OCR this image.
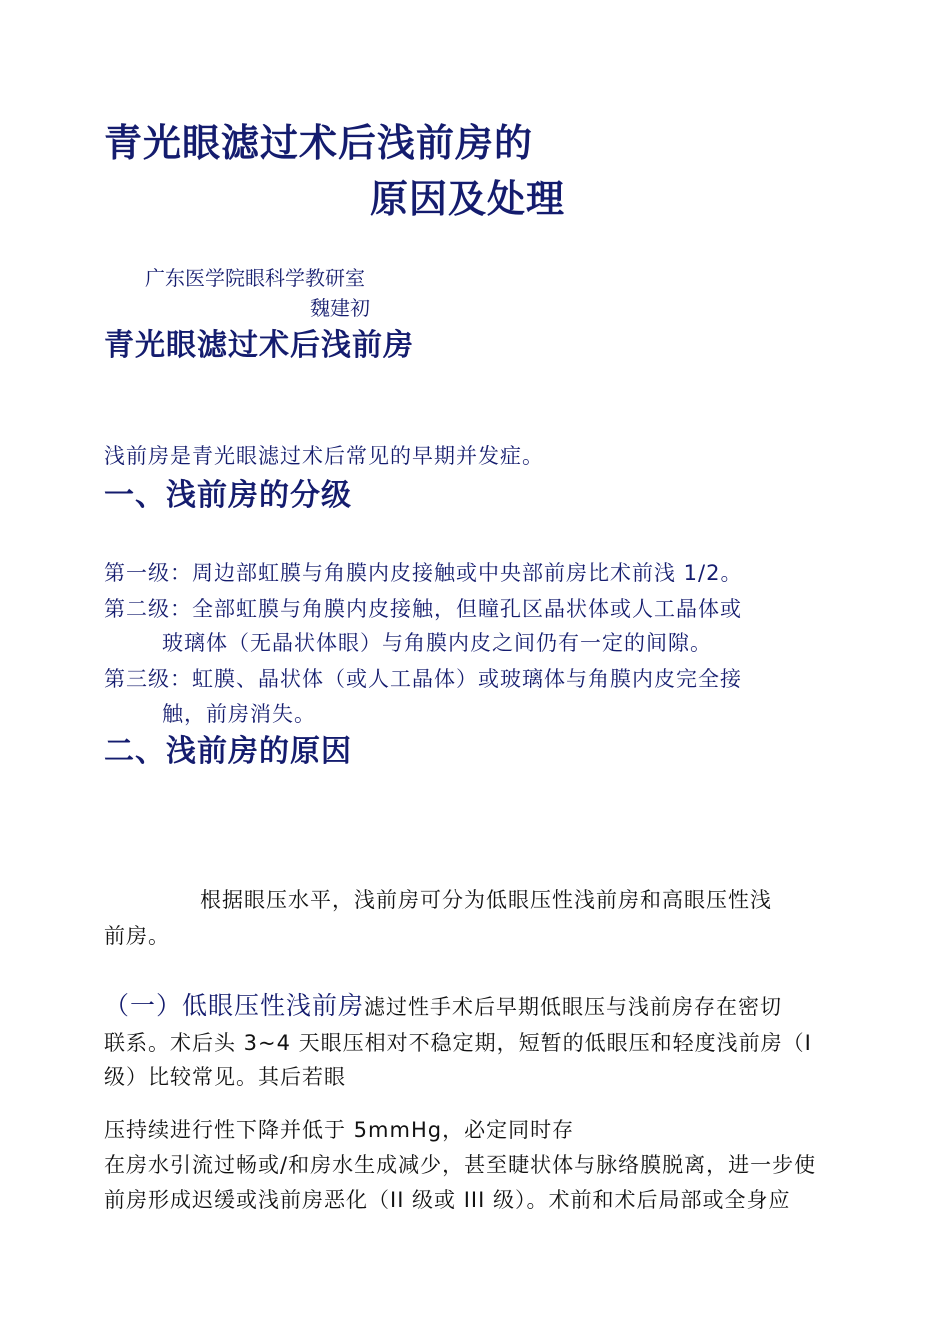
青光眼滤过术后浅前房的
原因及处理
广东医学院眼科学教研室
魏建初
青光眼滤过术后浅前房

浅前房是青光眼滤过术后常见的早期并发症。

一、浅前房的分级

第一级：周边部虹膜与角膜内皮接触或中央部前房比术前浅 1/2。

第二级：全部虹膜与角膜内皮接触，但瞳孔区晶状体或人工晶体或

玻璃体（无晶状体眼）与角膜内皮之间仍有一定的间隙。

第三级：虹膜、晶状体（或人工晶体）或玻璃体与角膜内皮完全接

触，前房消失。

二、浅前房的原因

根据眼压水平，浅前房可分为低眼压性浅前房和高眼压性浅

前房。

（一）低眼压性浅前房滤过性手术后早期低眼压与浅前房存在密切

联系。术后头 3~4 天眼压相对不稳定期，短暂的低眼压和轻度浅前房（I

级）比较常见。其后若眼

压持续进行性下降并低于 5mmHg，必定同时存

在房水引流过畅或/和房水生成减少，甚至睫状体与脉络膜脱离，进一步使

前房形成迟缓或浅前房恶化（II 级或 III 级）。术前和术后局部或全身应
